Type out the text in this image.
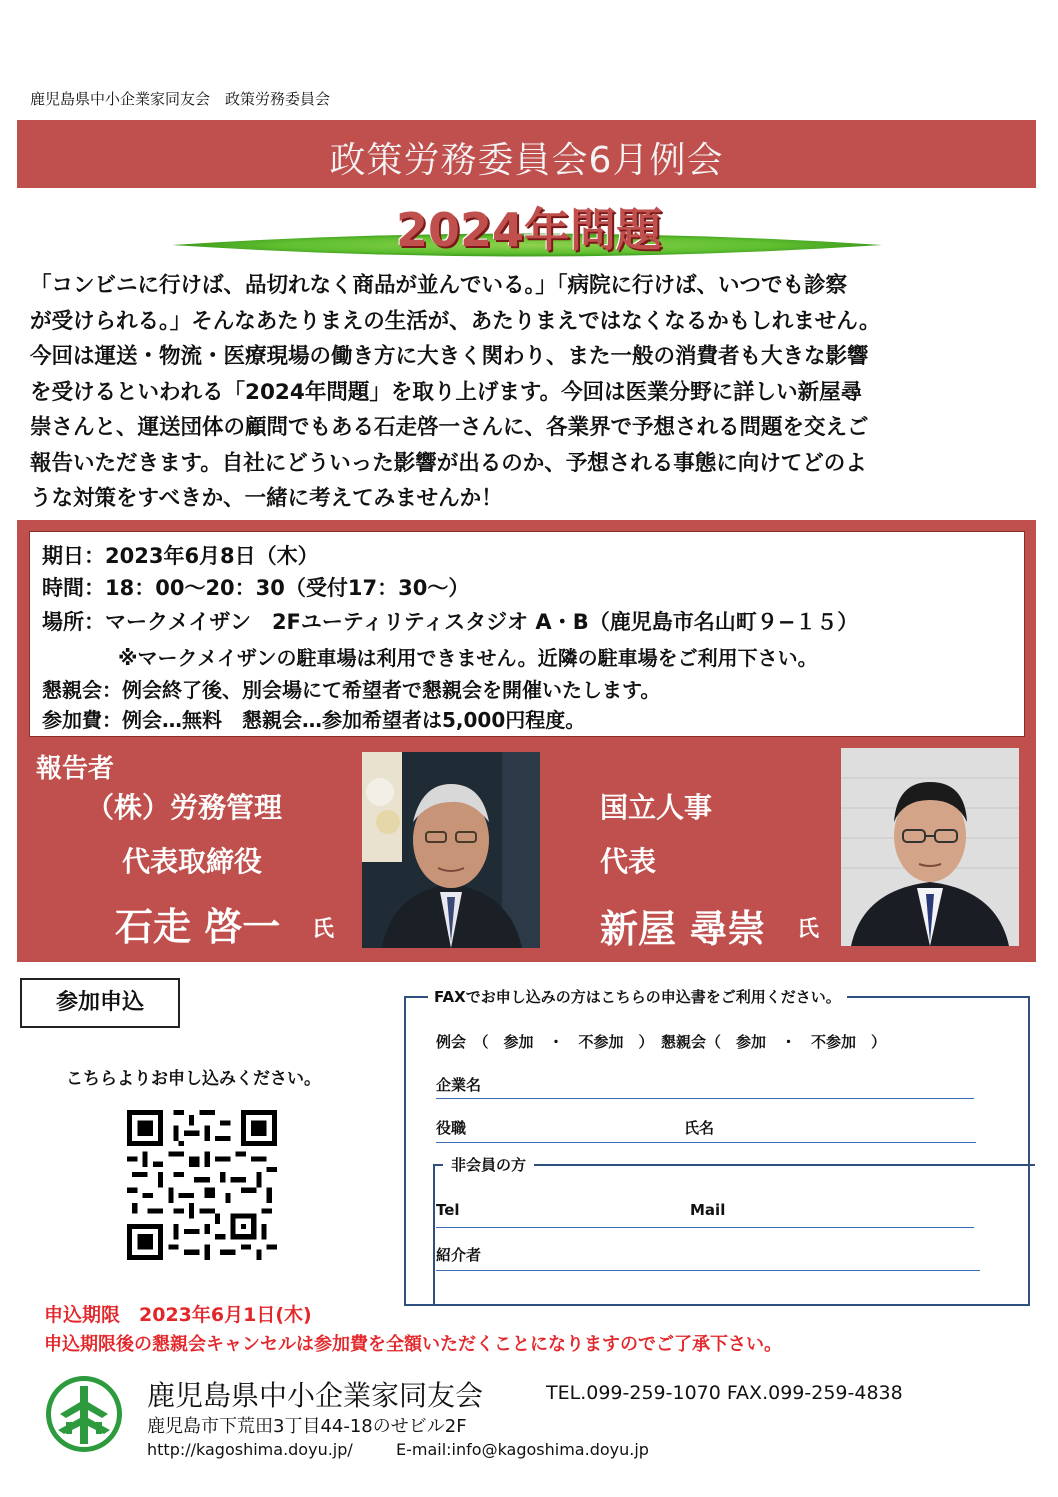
鹿児島県中小企業家同友会　政策労務委員会
政策労務委員会6月例会
2024年問題
「コンビニに行けば、品切れなく商品が並んでいる。」「病院に行けば、いつでも診察
が受けられる。」そんなあたりまえの生活が、あたりまえではなくなるかもしれません。
今回は運送・物流・医療現場の働き方に大きく関わり、また一般の消費者も大きな影響
を受けるといわれる「2024年問題」を取り上げます。今回は医業分野に詳しい新屋尋
崇さんと、運送団体の顧問でもある石走啓一さんに、各業界で予想される問題を交えご
報告いただきます。自社にどういった影響が出るのか、予想される事態に向けてどのよ
うな対策をすべきか、一緒に考えてみませんか！
期日：2023年6月8日（木）
時間：18：00～20：30（受付17：30～）
場所：マークメイザン　2Fユーティリティスタジオ A・B（鹿児島市名山町９−１５）
※マークメイザンの駐車場は利用できません。近隣の駐車場をご利用下さい。
懇親会：例会終了後、別会場にて希望者で懇親会を開催いたします。
参加費：例会…無料　懇親会…参加希望者は5,000円程度。
報告者
（株）労務管理
代表取締役
石走 啓一 氏
国立人事
代表
新屋 尋崇 氏
参加申込
こちらよりお申し込みください。
FAXでお申し込みの方はこちらの申込書をご利用ください。
例会　（　参加　・　不参加　）　懇親会（　参加　・　不参加　）
企業名
役職	氏名
非会員の方
Tel	Mail
紹介者
申込期限　2023年6月1日(木)
申込期限後の懇親会キャンセルは参加費を全額いただくことになりますのでご了承下さい。
鹿児島県中小企業家同友会	TEL.099-259-1070 FAX.099-259-4838
鹿児島市下荒田3丁目44-18のせビル2F
http://kagoshima.doyu.jp/	E-mail:info@kagoshima.doyu.jp
